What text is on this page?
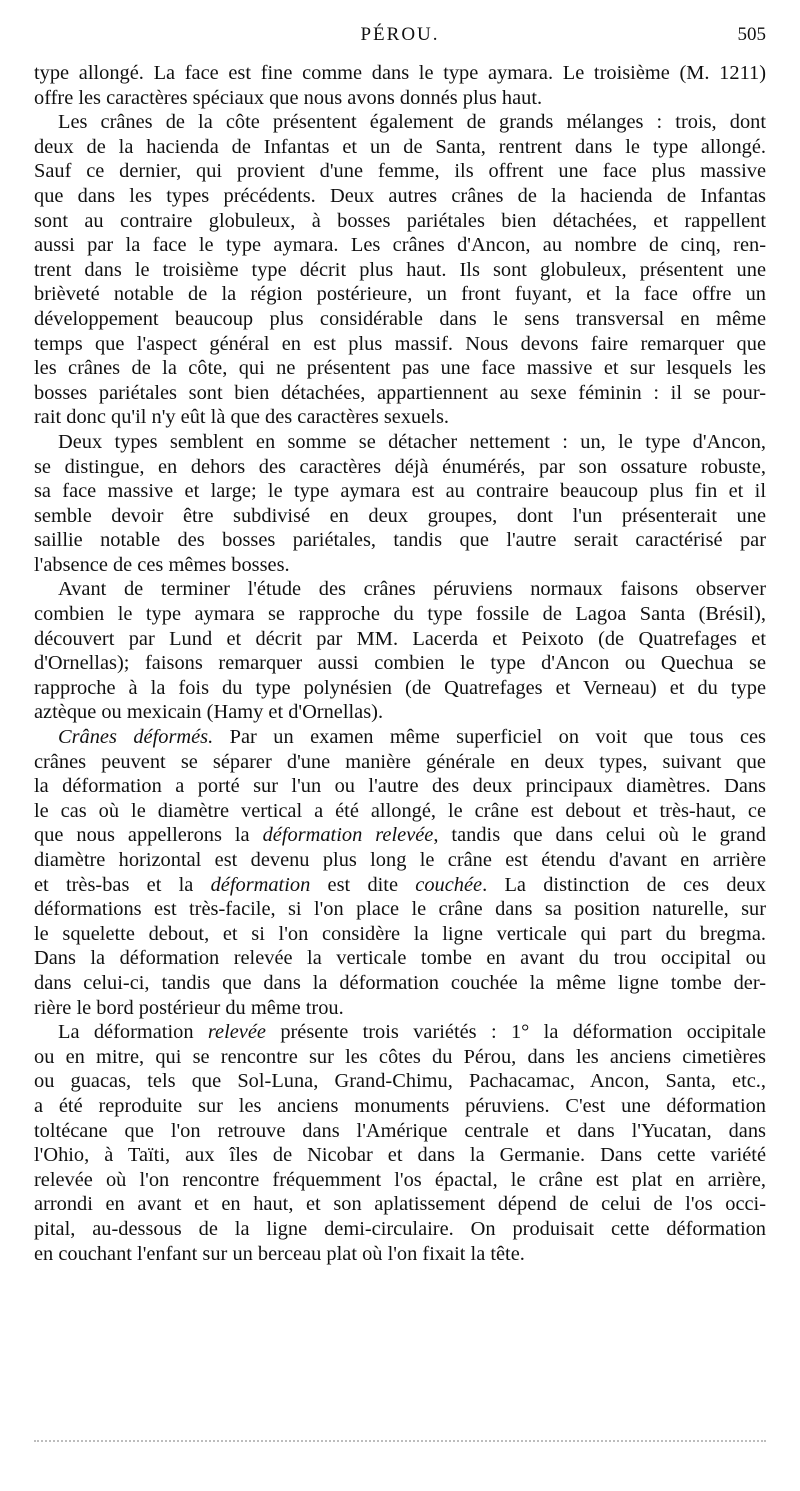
PÉROU.	505
type allongé. La face est fine comme dans le type aymara. Le troisième (M. 1211)
offre les caractères spéciaux que nous avons donnés plus haut.
Les crânes de la côte présentent également de grands mélanges : trois, dont
deux de la hacienda de Infantas et un de Santa, rentrent dans le type allongé.
Sauf ce dernier, qui provient d'une femme, ils offrent une face plus massive
que dans les types précédents. Deux autres crânes de la hacienda de Infantas
sont au contraire globuleux, à bosses pariétales bien détachées, et rappellent
aussi par la face le type aymara. Les crânes d'Ancon, au nombre de cinq, ren-
trent dans le troisième type décrit plus haut. Ils sont globuleux, présentent une
brièveté notable de la région postérieure, un front fuyant, et la face offre un
développement beaucoup plus considérable dans le sens transversal en même
temps que l'aspect général en est plus massif. Nous devons faire remarquer que
les crânes de la côte, qui ne présentent pas une face massive et sur lesquels les
bosses pariétales sont bien détachées, appartiennent au sexe féminin : il se pour-
rait donc qu'il n'y eût là que des caractères sexuels.
Deux types semblent en somme se détacher nettement : un, le type d'Ancon,
se distingue, en dehors des caractères déjà énumérés, par son ossature robuste,
sa face massive et large; le type aymara est au contraire beaucoup plus fin et il
semble devoir être subdivisé en deux groupes, dont l'un présenterait une
saillie notable des bosses pariétales, tandis que l'autre serait caractérisé par
l'absence de ces mêmes bosses.
Avant de terminer l'étude des crânes péruviens normaux faisons observer
combien le type aymara se rapproche du type fossile de Lagoa Santa (Brésil),
découvert par Lund et décrit par MM. Lacerda et Peixoto (de Quatrefages et
d'Ornellas); faisons remarquer aussi combien le type d'Ancon ou Quechua se
rapproche à la fois du type polynésien (de Quatrefages et Verneau) et du type
aztèque ou mexicain (Hamy et d'Ornellas).
Crânes déformés. Par un examen même superficiel on voit que tous ces
crânes peuvent se séparer d'une manière générale en deux types, suivant que
la déformation a porté sur l'un ou l'autre des deux principaux diamètres. Dans
le cas où le diamètre vertical a été allongé, le crâne est debout et très-haut, ce
que nous appellerons la déformation relevée, tandis que dans celui où le grand
diamètre horizontal est devenu plus long le crâne est étendu d'avant en arrière
et très-bas et la déformation est dite couchée. La distinction de ces deux
déformations est très-facile, si l'on place le crâne dans sa position naturelle, sur
le squelette debout, et si l'on considère la ligne verticale qui part du bregma.
Dans la déformation relevée la verticale tombe en avant du trou occipital ou
dans celui-ci, tandis que dans la déformation couchée la même ligne tombe der-
rière le bord postérieur du même trou.
La déformation relevée présente trois variétés : 1° la déformation occipitale
ou en mitre, qui se rencontre sur les côtes du Pérou, dans les anciens cimetières
ou guacas, tels que Sol-Luna, Grand-Chimu, Pachacamac, Ancon, Santa, etc.,
a été reproduite sur les anciens monuments péruviens. C'est une déformation
toltécane que l'on retrouve dans l'Amérique centrale et dans l'Yucatan, dans
l'Ohio, à Taïti, aux îles de Nicobar et dans la Germanie. Dans cette variété
relevée où l'on rencontre fréquemment l'os épactal, le crâne est plat en arrière,
arrondi en avant et en haut, et son aplatissement dépend de celui de l'os occi-
pital, au-dessous de la ligne demi-circulaire. On produisait cette déformation
en couchant l'enfant sur un berceau plat où l'on fixait la tête.
